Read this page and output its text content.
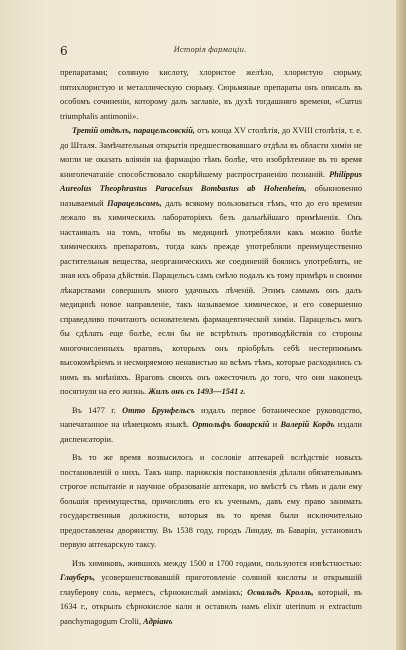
6	Исторiя фармацiи.

препаратами; соляную кислоту, хлористое желѣзо, хлористую сюрьму, пятихлористую и металлическую сюрьму. Сюрьмяные препараты онъ описалъ въ особомъ сочиненiи, которому далъ заглавiе, въ духѣ тогдашняго времени, «Currus triumphalis antimonii».

Третiй отдѣлъ, парацельсовскiй, отъ конца XV столѣтiя, до XVIII столѣтiя, т. е. до Шталя. Замѣчательныя открытiя предшествовавшаго отдѣла въ области химiи не могли не оказать влiянiя на фармацiю тѣмъ болѣе, что изобрѣтенное въ то время книгопечатанiе способствовало скорѣйшему распространенiю познанiй. Philippus Aureolus Theophrastus Paracelsus Bombastus ab Hohenheim, обыкновенно называемый Парацельсомъ, далъ всякому пользоваться тѣмъ, что до его времени лежало въ химическихъ лабораторiяхъ безъ дальнѣйшаго примѣненiя. Онъ настаивалъ на томъ, чтобы въ медицинѣ употребляли какъ можно болѣе химическихъ препаратовъ, тогда какъ прежде употребляли преимущественно растительныя вещества, неорганическихъ же соединенiй боялись употреблять, не зная ихъ образа дѣйствiя. Парацельсъ самъ смѣло подалъ къ тому примѣръ и своими лѣкарствами совершилъ много удачныхъ лѣченiй. Этимъ самымъ онъ далъ медицинѣ новое направленiе, такъ называемое химическое, и его совершенно справедливо почитаютъ основателемъ фармацевтической химiи. Парацельсъ могъ бы сдѣлать еще болѣе, если бы не встрѣтилъ противодѣйствiя со стороны многочисленныхъ враговъ, которыхъ онъ прiобрѣлъ себѣ нестерпимымъ высокомѣрiемъ и несмиряемою ненавистью ко всѣмъ тѣмъ, которые расходились съ нимъ въ мнѣнiяхъ. Враговъ своихъ онъ ожесточилъ до того, что они наконецъ посягнули на его жизнь. Жилъ онъ съ 1493—1541 г.

Въ 1477 г. Отто Брунфельсъ издалъ первое ботаническое руководство, напечатанное на нѣмецкомъ языкѣ. Ортольфъ баварскiй и Валерiй Кордъ издали диспенсаторiи.

Въ то же время возвысилось и сословiе аптекарей вслѣдствiе новыхъ постановленiй о нихъ. Такъ напр. парижскiя постановленiя дѣлали обязательнымъ строгое испытанiе и научное образованiе аптекаря, но вмѣстѣ съ тѣмъ и дали ему большiя преимущества, причисливъ его къ ученымъ, давъ ему право занимать государственныя должности, которыя въ то время были исключительно предоставлены дворянству. Въ 1538 году, городъ Линдау, въ Баварiи, установилъ первую аптекарскую таксу.

Изъ химиковъ, жившихъ между 1500 и 1700 годами, пользуются извѣстностью: Глауберъ, усовершенствовавшiй приготовленiе соляной кислоты и открывшiй глауберову соль, кермесъ, сѣрнокислый аммiакъ; Освальдъ Кролль, который, въ 1634 г., открылъ сѣрнокислое кали и оставилъ намъ elixir uterinum и extractum panchymagogum Crolii, Адрiанъ
